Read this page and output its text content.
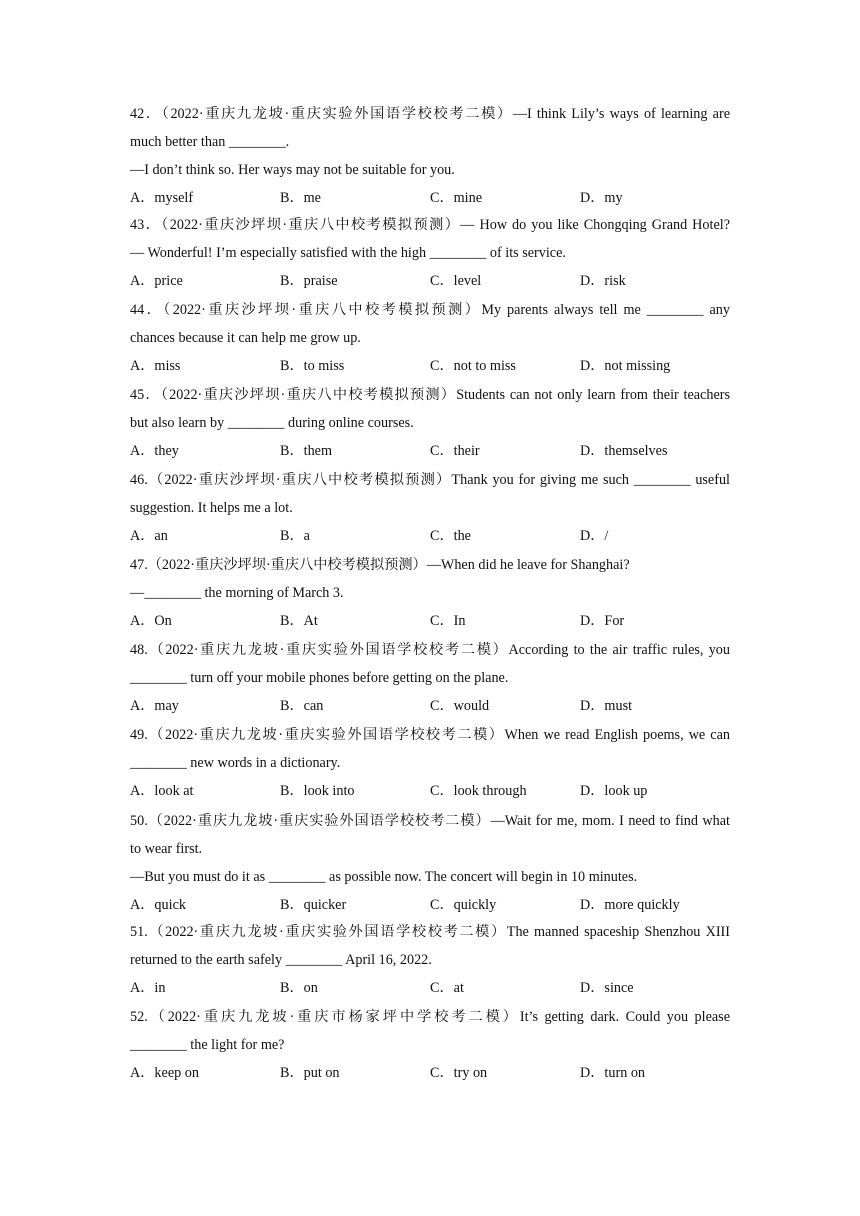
42．（2022·重庆九龙坡·重庆实验外国语学校校考二模）—I think Lily’s ways of learning are
much better than ________.
—I don’t think so. Her ways may not be suitable for you.
A．myself	B．me	C．mine	D．my
43．（2022·重庆沙坪坝·重庆八中校考模拟预测）— How do you like Chongqing Grand Hotel?
— Wonderful! I’m especially satisfied with the high ________ of its service.
A．price	B．praise	C．level	D．risk
44．（2022·重庆沙坪坝·重庆八中校考模拟预测）My parents always tell me ________ any
chances because it can help me grow up.
A．miss	B．to miss	C．not to miss	D．not missing
45．（2022·重庆沙坪坝·重庆八中校考模拟预测）Students can not only learn from their teachers
but also learn by ________ during online courses.
A．they	B．them	C．their	D．themselves
46.（2022·重庆沙坪坝·重庆八中校考模拟预测）Thank you for giving me such ________ useful
suggestion. It helps me a lot.
A．an	B．a	C．the	D．/
47.（2022·重庆沙坪坝·重庆八中校考模拟预测）—When did he leave for Shanghai?
—________ the morning of March 3.
A．On	B．At	C．In	D．For
48.（2022·重庆九龙坡·重庆实验外国语学校校考二模）According to the air traffic rules, you
________ turn off your mobile phones before getting on the plane.
A．may	B．can	C．would	D．must
49.（2022·重庆九龙坡·重庆实验外国语学校校考二模）When we read English poems, we can
________ new words in a dictionary.
A．look at	B．look into	C．look through	D．look up
50.（2022·重庆九龙坡·重庆实验外国语学校校考二模）—Wait for me, mom. I need to find what
to wear first.
—But you must do it as ________ as possible now. The concert will begin in 10 minutes.
A．quick	B．quicker	C．quickly	D．more quickly
51.（2022·重庆九龙坡·重庆实验外国语学校校考二模）The manned spaceship Shenzhou XIII
returned to the earth safely ________ April 16, 2022.
A．in	B．on	C．at	D．since
52.（2022·重庆九龙坡·重庆市杨家坪中学校考二模）It’s getting dark. Could you please
________ the light for me?
A．keep on	B．put on	C．try on	D．turn on
